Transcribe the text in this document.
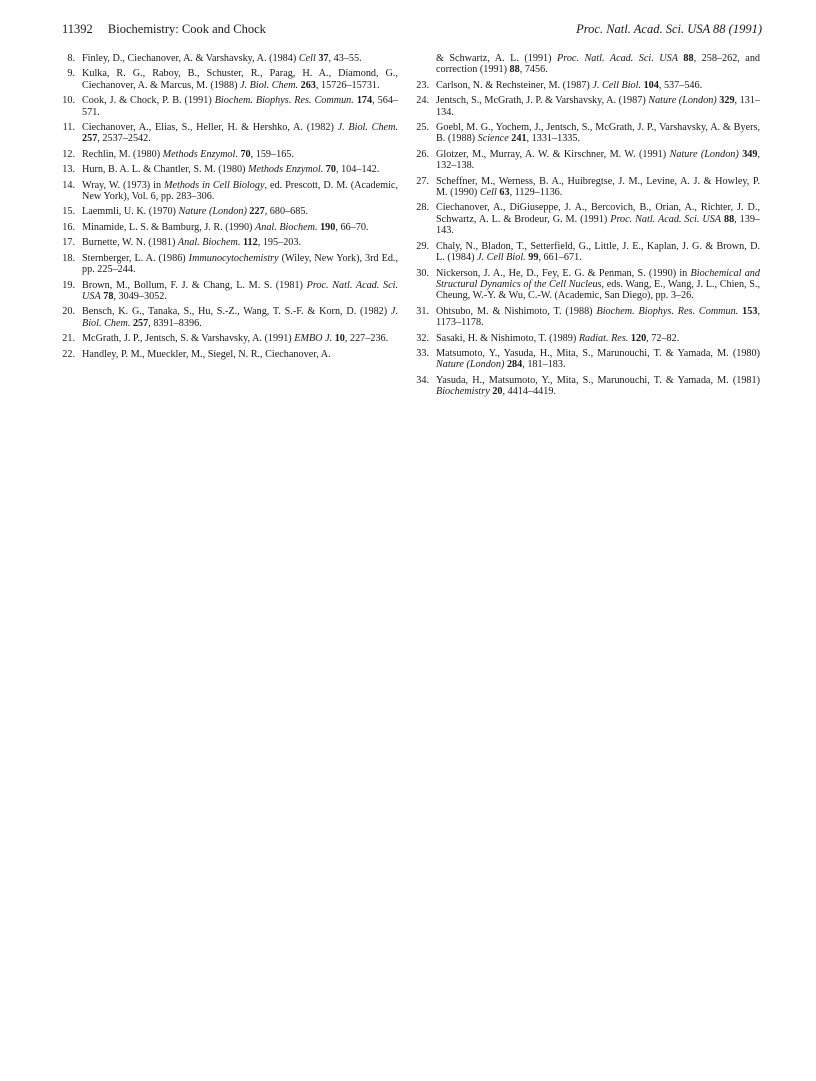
11392 Biochemistry: Cook and Chock	Proc. Natl. Acad. Sci. USA 88 (1991)
8. Finley, D., Ciechanover, A. & Varshavsky, A. (1984) Cell 37, 43–55.
9. Kulka, R. G., Raboy, B., Schuster, R., Parag, H. A., Diamond, G., Ciechanover, A. & Marcus, M. (1988) J. Biol. Chem. 263, 15726–15731.
10. Cook, J. & Chock, P. B. (1991) Biochem. Biophys. Res. Commun. 174, 564–571.
11. Ciechanover, A., Elias, S., Heller, H. & Hershko, A. (1982) J. Biol. Chem. 257, 2537–2542.
12. Rechlin, M. (1980) Methods Enzymol. 70, 159–165.
13. Hurn, B. A. L. & Chantler, S. M. (1980) Methods Enzymol. 70, 104–142.
14. Wray, W. (1973) in Methods in Cell Biology, ed. Prescott, D. M. (Academic, New York), Vol. 6, pp. 283–306.
15. Laemmli, U. K. (1970) Nature (London) 227, 680–685.
16. Minamide, L. S. & Bamburg, J. R. (1990) Anal. Biochem. 190, 66–70.
17. Burnette, W. N. (1981) Anal. Biochem. 112, 195–203.
18. Sternberger, L. A. (1986) Immunocytochemistry (Wiley, New York), 3rd Ed., pp. 225–244.
19. Brown, M., Bollum, F. J. & Chang, L. M. S. (1981) Proc. Natl. Acad. Sci. USA 78, 3049–3052.
20. Bensch, K. G., Tanaka, S., Hu, S.-Z., Wang, T. S.-F. & Korn, D. (1982) J. Biol. Chem. 257, 8391–8396.
21. McGrath, J. P., Jentsch, S. & Varshavsky, A. (1991) EMBO J. 10, 227–236.
22. Handley, P. M., Mueckler, M., Siegel, N. R., Ciechanover, A.
& Schwartz, A. L. (1991) Proc. Natl. Acad. Sci. USA 88, 258–262, and correction (1991) 88, 7456.
23. Carlson, N. & Rechsteiner, M. (1987) J. Cell Biol. 104, 537–546.
24. Jentsch, S., McGrath, J. P. & Varshavsky, A. (1987) Nature (London) 329, 131–134.
25. Goebl, M. G., Yochem, J., Jentsch, S., McGrath, J. P., Varshavsky, A. & Byers, B. (1988) Science 241, 1331–1335.
26. Glotzer, M., Murray, A. W. & Kirschner, M. W. (1991) Nature (London) 349, 132–138.
27. Scheffner, M., Werness, B. A., Huibregtse, J. M., Levine, A. J. & Howley, P. M. (1990) Cell 63, 1129–1136.
28. Ciechanover, A., DiGiuseppe, J. A., Bercovich, B., Orian, A., Richter, J. D., Schwartz, A. L. & Brodeur, G. M. (1991) Proc. Natl. Acad. Sci. USA 88, 139–143.
29. Chaly, N., Bladon, T., Setterfield, G., Little, J. E., Kaplan, J. G. & Brown, D. L. (1984) J. Cell Biol. 99, 661–671.
30. Nickerson, J. A., He, D., Fey, E. G. & Penman, S. (1990) in Biochemical and Structural Dynamics of the Cell Nucleus, eds. Wang, E., Wang, J. L., Chien, S., Cheung, W.-Y. & Wu, C.-W. (Academic, San Diego), pp. 3–26.
31. Ohtsubo, M. & Nishimoto, T. (1988) Biochem. Biophys. Res. Commun. 153, 1173–1178.
32. Sasaki, H. & Nishimoto, T. (1989) Radiat. Res. 120, 72–82.
33. Matsumoto, Y., Yasuda, H., Mita, S., Marunouchi, T. & Yamada, M. (1980) Nature (London) 284, 181–183.
34. Yasuda, H., Matsumoto, Y., Mita, S., Marunouchi, T. & Yamada, M. (1981) Biochemistry 20, 4414–4419.
